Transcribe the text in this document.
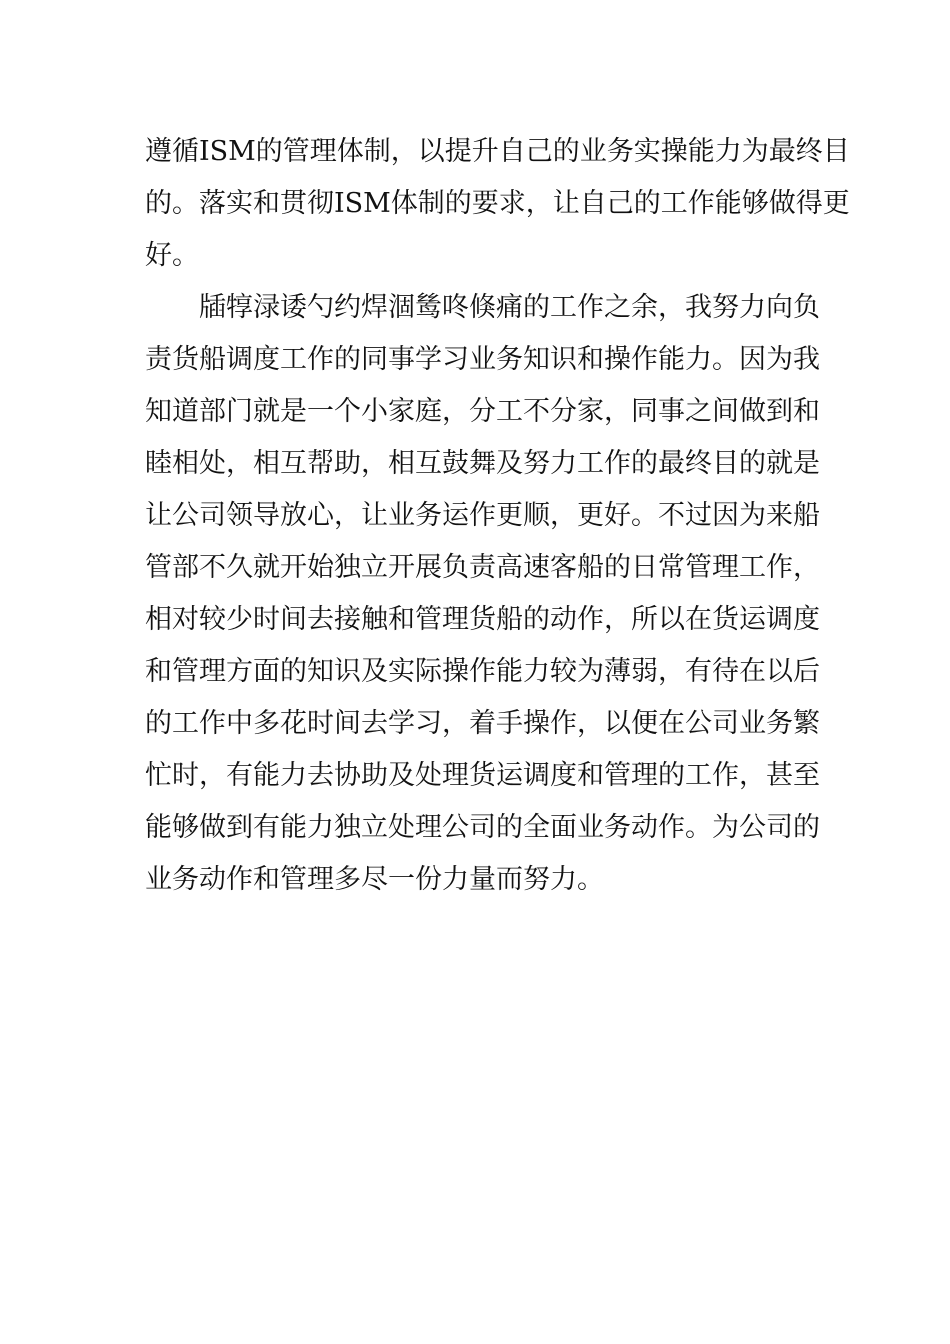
遵循ISM的管理体制，以提升自己的业务实操能力为最终目
的。落实和贯彻ISM体制的要求，让自己的工作能够做得更
好。

　　牐犉渌诿勺约焊涸鸶咚倏痛的工作之余，我努力向负
责货船调度工作的同事学习业务知识和操作能力。因为我
知道部门就是一个小家庭，分工不分家，同事之间做到和
睦相处，相互帮助，相互鼓舞及努力工作的最终目的就是
让公司领导放心，让业务运作更顺，更好。不过因为来船
管部不久就开始独立开展负责高速客船的日常管理工作，
相对较少时间去接触和管理货船的动作，所以在货运调度
和管理方面的知识及实际操作能力较为薄弱，有待在以后
的工作中多花时间去学习，着手操作，以便在公司业务繁
忙时，有能力去协助及处理货运调度和管理的工作，甚至
能够做到有能力独立处理公司的全面业务动作。为公司的
业务动作和管理多尽一份力量而努力。
